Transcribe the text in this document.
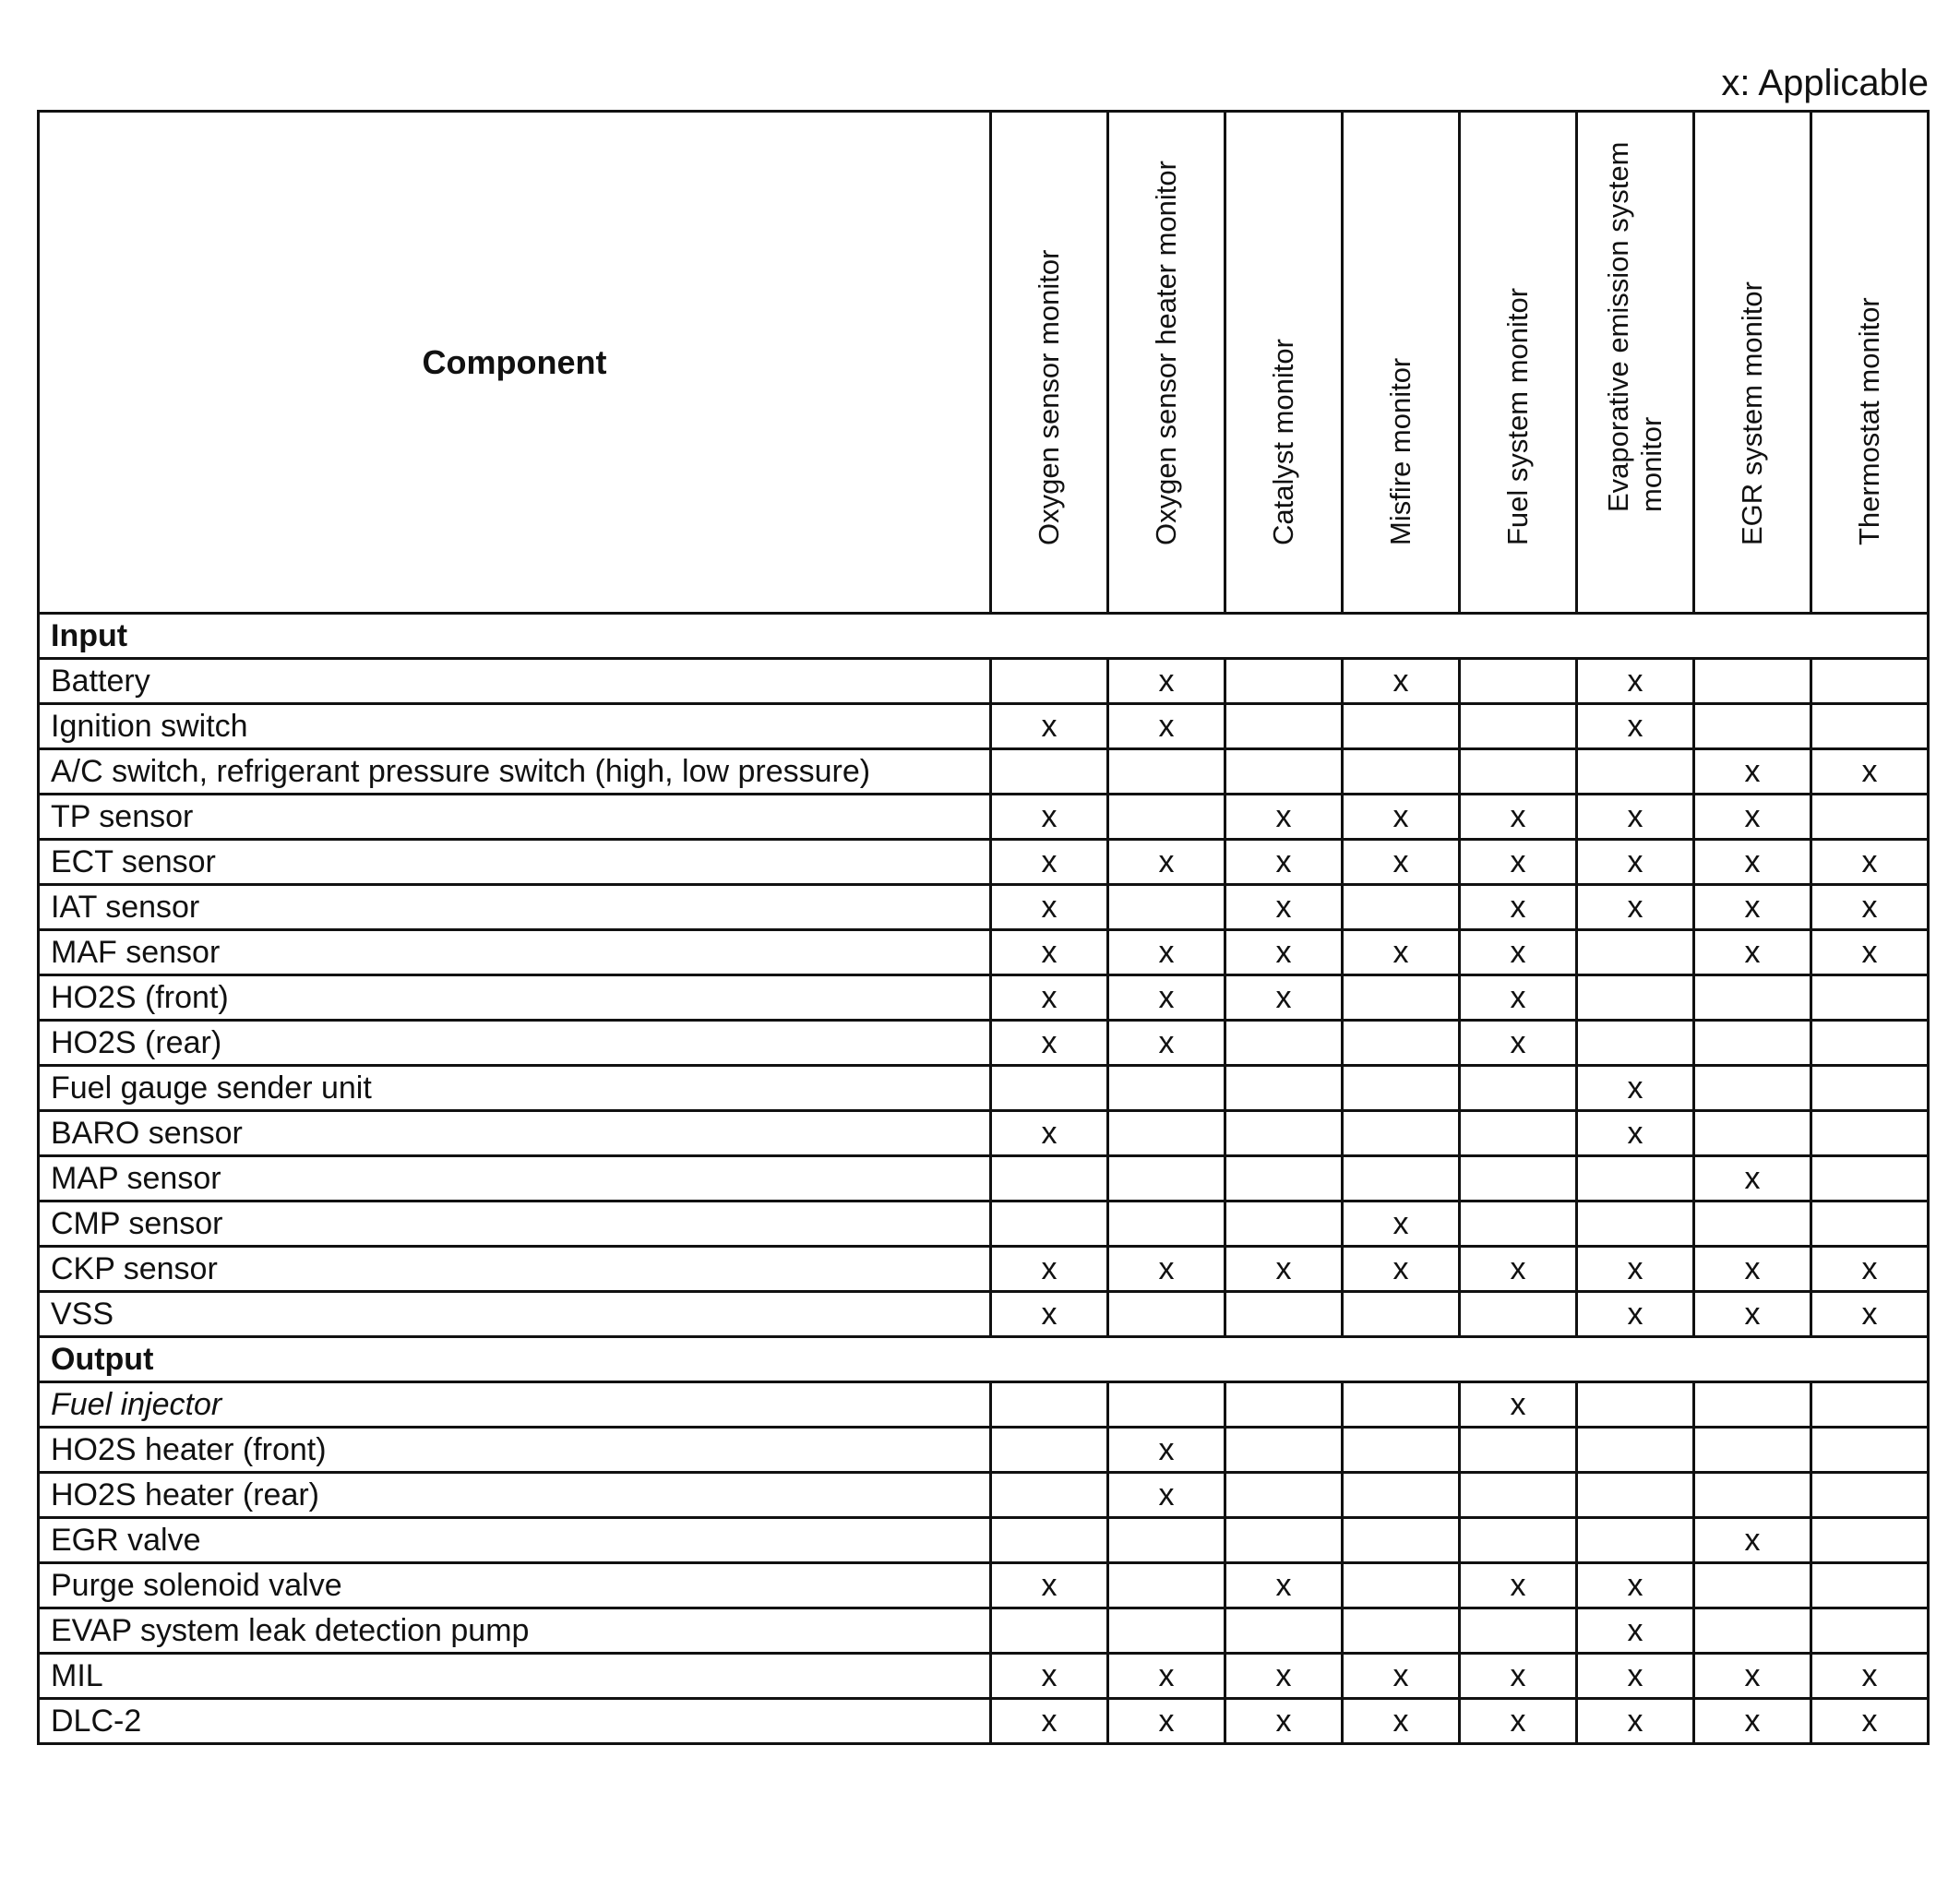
x: Applicable
Component	Oxygen sensor monitor	Oxygen sensor heater monitor	Catalyst monitor	Misfire monitor	Fuel system monitor	Evaporative emission system monitor	EGR system monitor	Thermostat monitor

Input								
Battery		x		x		x		
Ignition switch	x	x				x		
A/C switch, refrigerant pressure switch (high, low pressure)							x	x
TP sensor	x		x	x	x	x	x	
ECT sensor	x	x	x	x	x	x	x	x
IAT sensor	x		x		x	x	x	x
MAF sensor	x	x	x	x	x		x	x
HO2S (front)	x	x	x		x			
HO2S (rear)	x	x			x			
Fuel gauge sender unit						x		
BARO sensor	x					x		
MAP sensor							x	
CMP sensor				x				
CKP sensor	x	x	x	x	x	x	x	x
VSS	x					x	x	x
Output								
Fuel injector					x			
HO2S heater (front)		x						
HO2S heater (rear)		x						
EGR valve							x	
Purge solenoid valve	x		x		x	x		
EVAP system leak detection pump						x		
MIL	x	x	x	x	x	x	x	x
DLC-2	x	x	x	x	x	x	x	x
